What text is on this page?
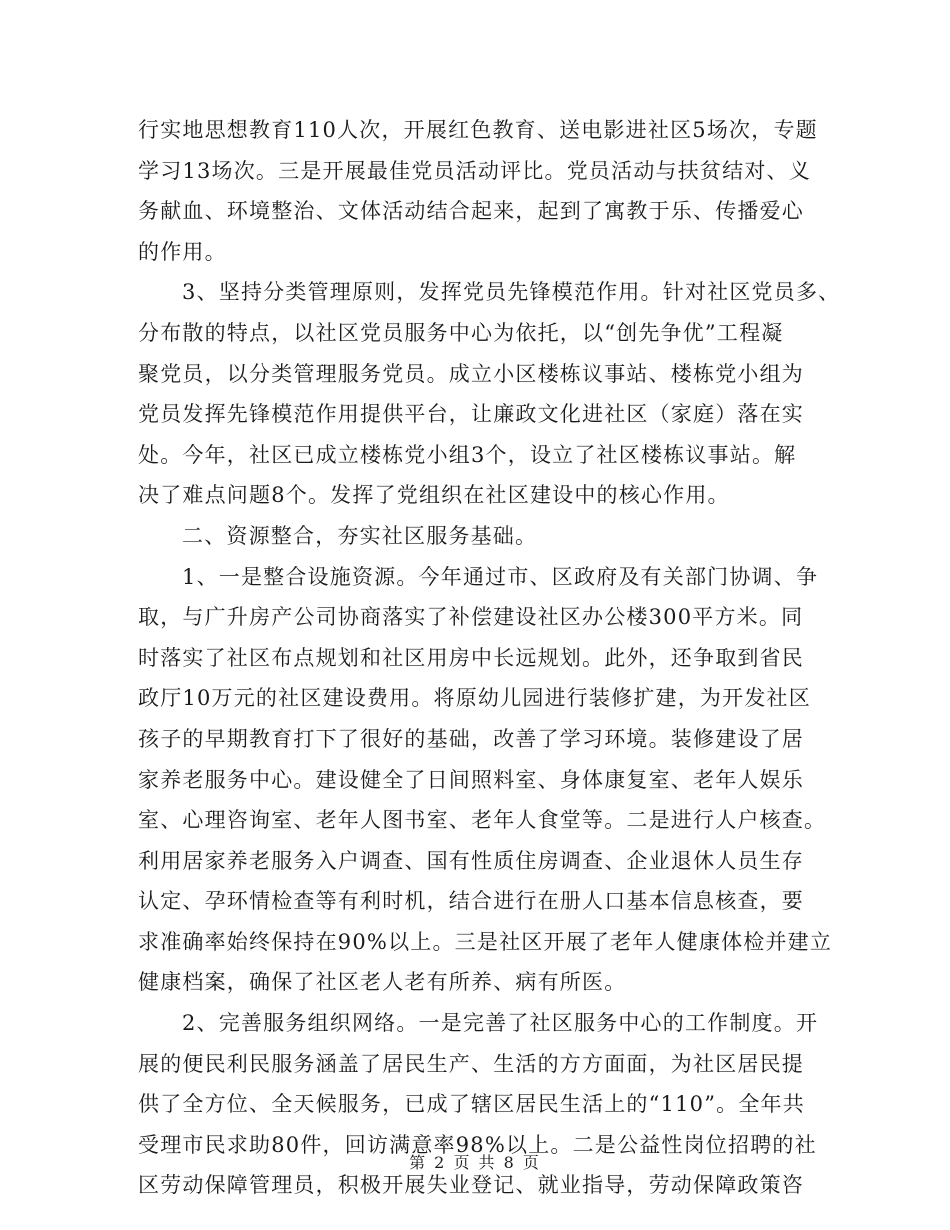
行实地思想教育110人次，开展红色教育、送电影进社区5场次，专题
学习13场次。三是开展最佳党员活动评比。党员活动与扶贫结对、义
务献血、环境整治、文体活动结合起来，起到了寓教于乐、传播爱心
的作用。
3、坚持分类管理原则，发挥党员先锋模范作用。针对社区党员多、
分布散的特点，以社区党员服务中心为依托，以“创先争优”工程凝
聚党员，以分类管理服务党员。成立小区楼栋议事站、楼栋党小组为
党员发挥先锋模范作用提供平台，让廉政文化进社区（家庭）落在实
处。今年，社区已成立楼栋党小组3个，设立了社区楼栋议事站。解
决了难点问题8个。发挥了党组织在社区建设中的核心作用。
二、资源整合，夯实社区服务基础。
1、一是整合设施资源。今年通过市、区政府及有关部门协调、争
取，与广升房产公司协商落实了补偿建设社区办公楼300平方米。同
时落实了社区布点规划和社区用房中长远规划。此外，还争取到省民
政厅10万元的社区建设费用。将原幼儿园进行装修扩建，为开发社区
孩子的早期教育打下了很好的基础，改善了学习环境。装修建设了居
家养老服务中心。建设健全了日间照料室、身体康复室、老年人娱乐
室、心理咨询室、老年人图书室、老年人食堂等。二是进行人户核查。
利用居家养老服务入户调查、国有性质住房调查、企业退休人员生存
认定、孕环情检查等有利时机，结合进行在册人口基本信息核查，要
求准确率始终保持在90%以上。三是社区开展了老年人健康体检并建立
健康档案，确保了社区老人老有所养、病有所医。
2、完善服务组织网络。一是完善了社区服务中心的工作制度。开
展的便民利民服务涵盖了居民生产、生活的方方面面，为社区居民提
供了全方位、全天候服务，已成了辖区居民生活上的“110”。全年共
受理市民求助80件，回访满意率98%以上。二是公益性岗位招聘的社
区劳动保障管理员，积极开展失业登记、就业指导，劳动保障政策咨
第 2 页 共 8 页
